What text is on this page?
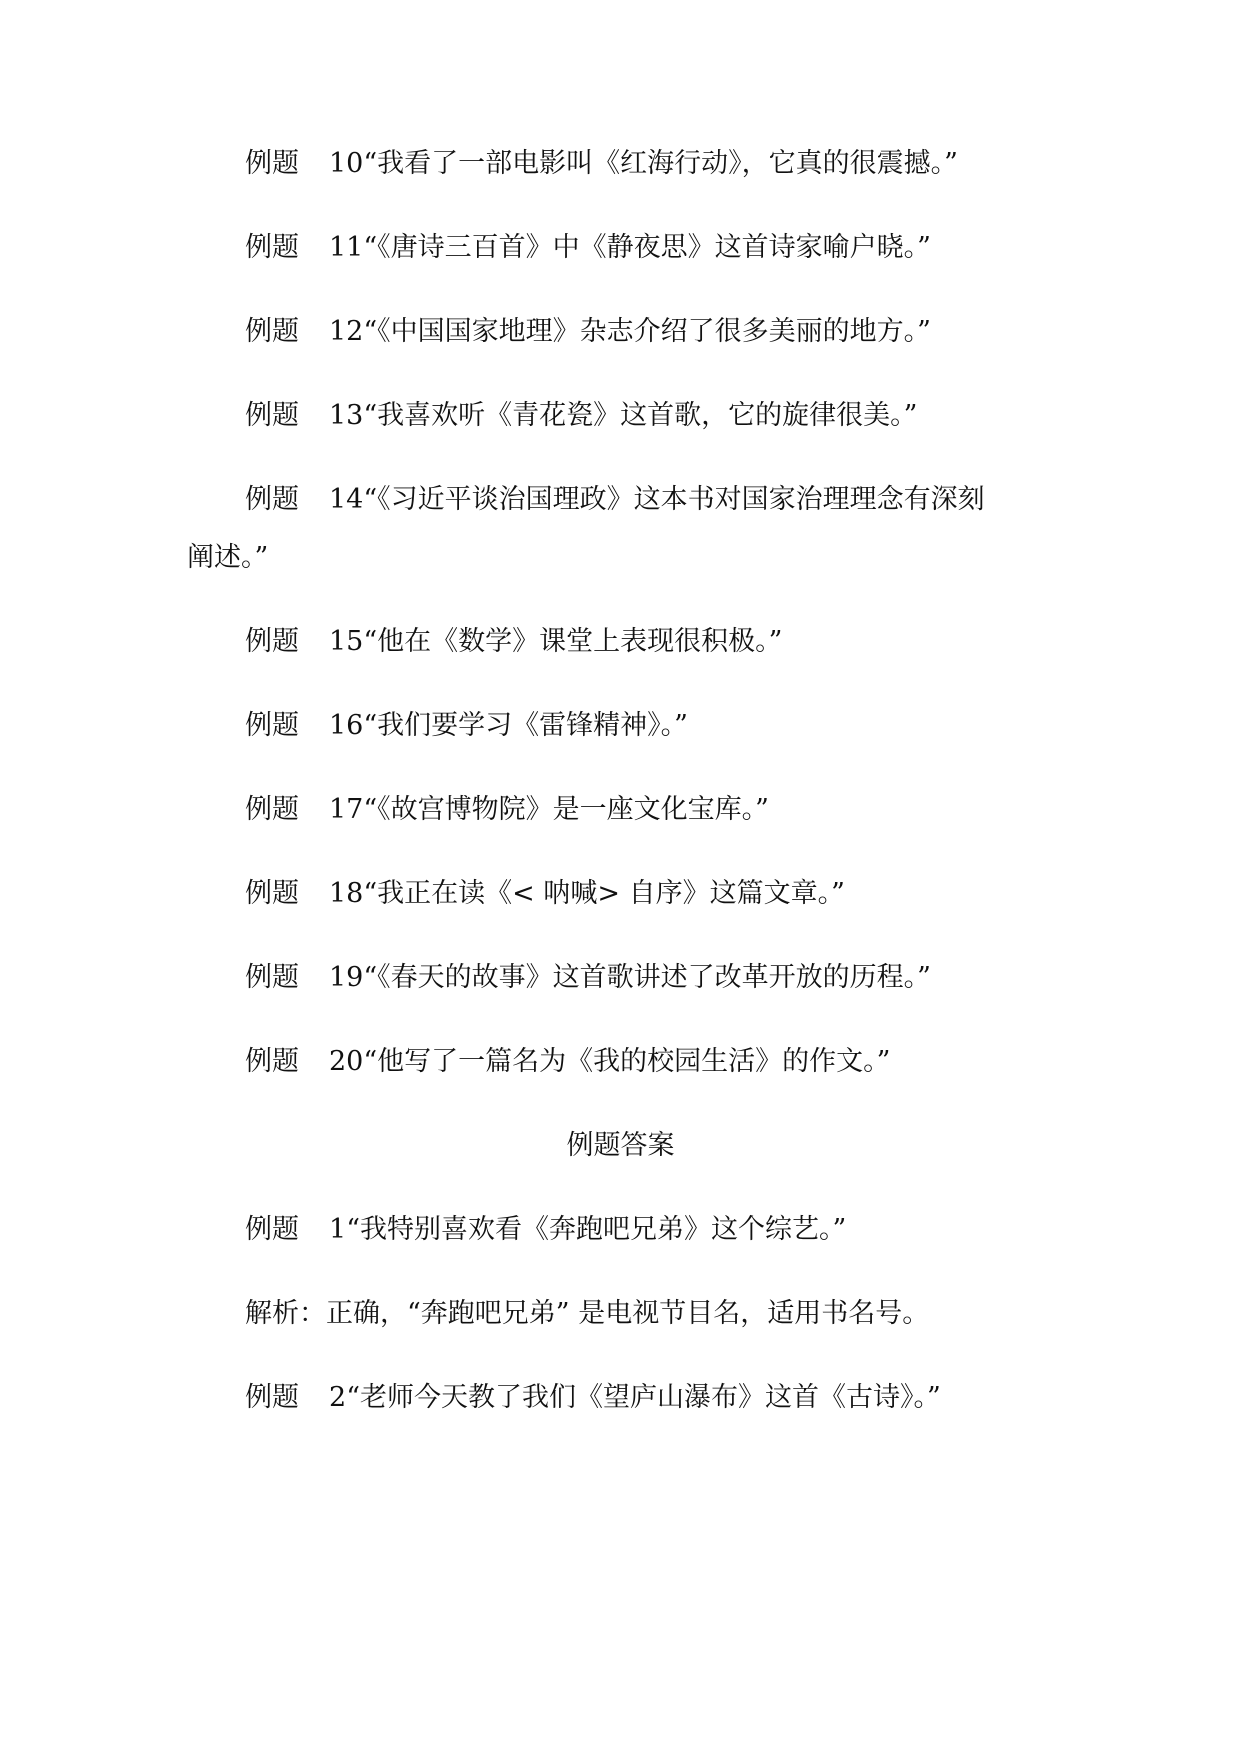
例题 10“我看了一部电影叫《红海行动》，它真的很震撼。”
例题 11“《唐诗三百首》中《静夜思》这首诗家喻户晓。”
例题 12“《中国国家地理》杂志介绍了很多美丽的地方。”
例题 13“我喜欢听《青花瓷》这首歌，它的旋律很美。”
例题 14“《习近平谈治国理政》这本书对国家治理理念有深刻
阐述。”
例题 15“他在《数学》课堂上表现很积极。”
例题 16“我们要学习《雷锋精神》。”
例题 17“《故宫博物院》是一座文化宝库。”
例题 18“我正在读《< 呐喊> 自序》这篇文章。”
例题 19“《春天的故事》这首歌讲述了改革开放的历程。”
例题 20“他写了一篇名为《我的校园生活》的作文。”
例题答案
例题 1“我特别喜欢看《奔跑吧兄弟》这个综艺。”
解析：正确，“奔跑吧兄弟” 是电视节目名，适用书名号。
例题 2“老师今天教了我们《望庐山瀑布》这首《古诗》。”
